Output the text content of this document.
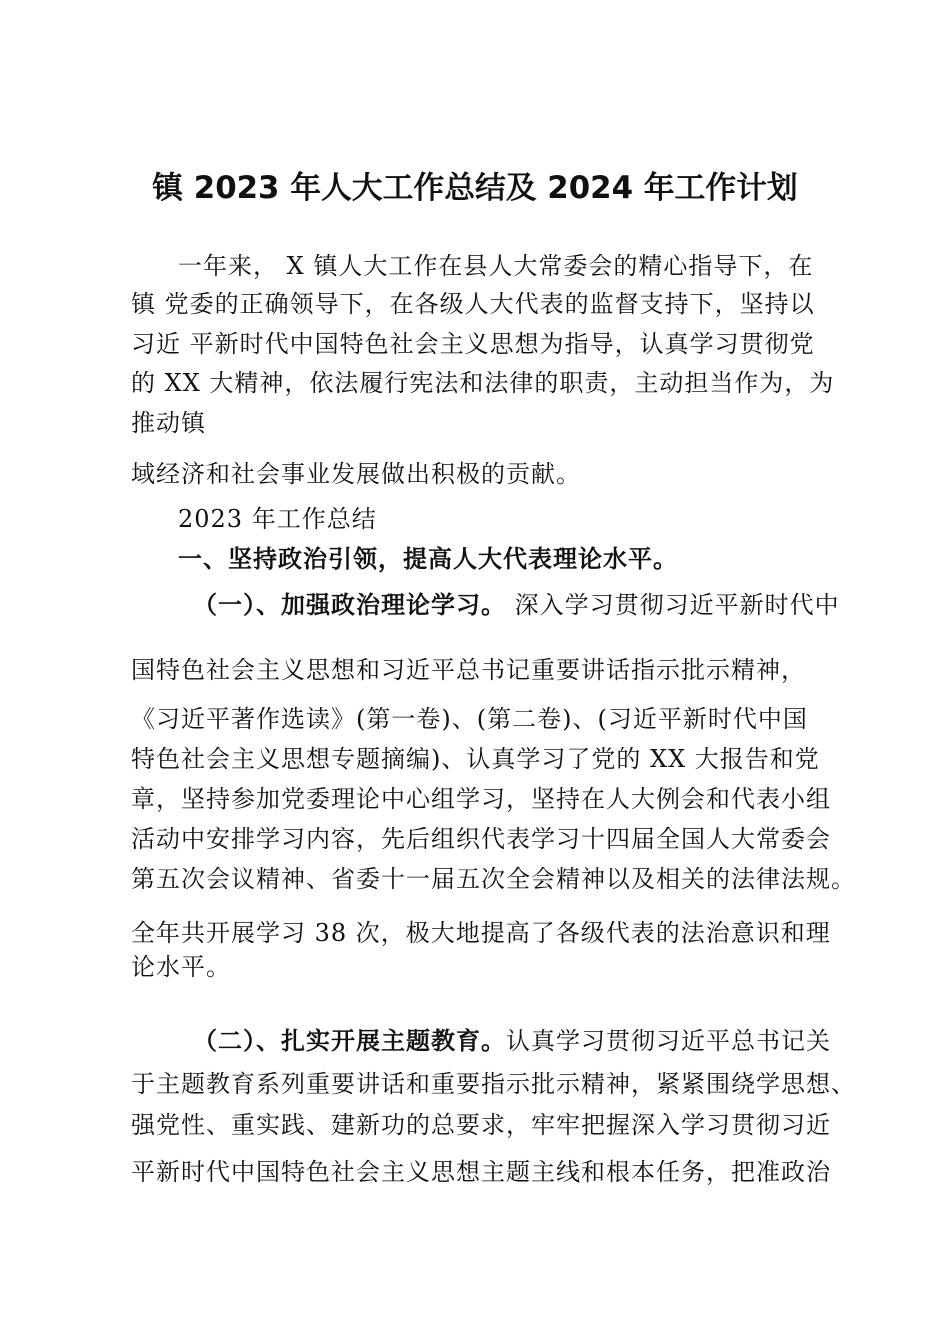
镇 2023 年人大工作总结及 2024 年工作计划
一年来， X 镇人大工作在县人大常委会的精心指导下，在
镇 党委的正确领导下，在各级人大代表的监督支持下，坚持以
习近 平新时代中国特色社会主义思想为指导，认真学习贯彻党
的 XX 大精神，依法履行宪法和法律的职责，主动担当作为，为
推动镇
域经济和社会事业发展做出积极的贡献。
2023 年工作总结
一、坚持政治引领，提高人大代表理论水平。
（一）、加强政治理论学习。 深入学习贯彻习近平新时代中
国特色社会主义思想和习近平总书记重要讲话指示批示精神，
《习近平著作选读》(第一卷)、(第二卷)、(习近平新时代中国
特色社会主义思想专题摘编)、认真学习了党的 XX 大报告和党
章，坚持参加党委理论中心组学习，坚持在人大例会和代表小组
活动中安排学习内容，先后组织代表学习十四届全国人大常委会
第五次会议精神、省委十一届五次全会精神以及相关的法律法规。
全年共开展学习 38 次，极大地提高了各级代表的法治意识和理
论水平。
（二）、扎实开展主题教育。认真学习贯彻习近平总书记关
于主题教育系列重要讲话和重要指示批示精神，紧紧围绕学思想、
强党性、重实践、建新功的总要求，牢牢把握深入学习贯彻习近
平新时代中国特色社会主义思想主题主线和根本任务，把准政治
